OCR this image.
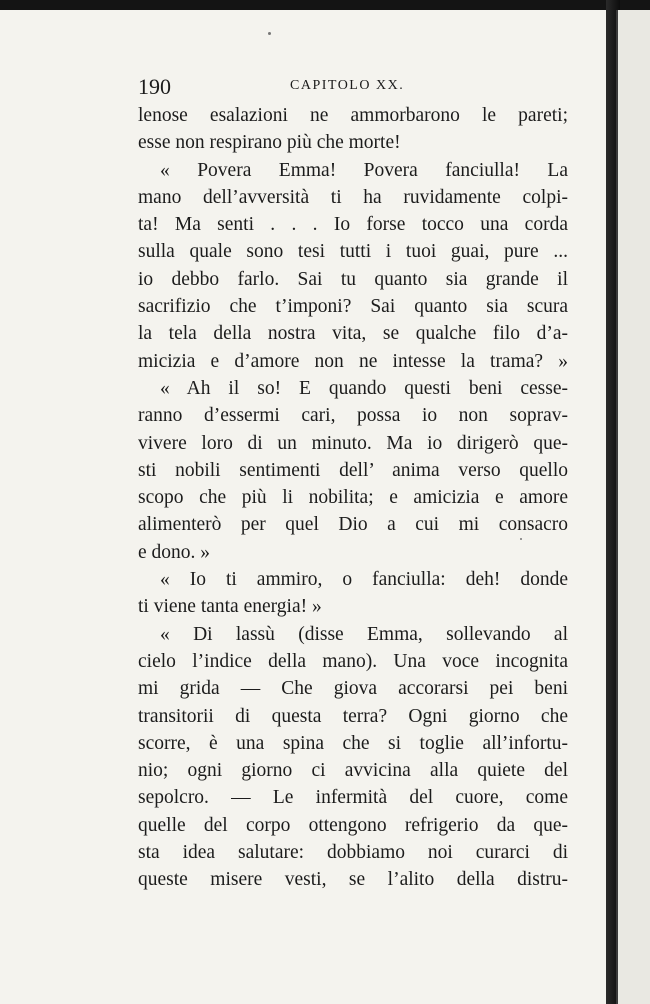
190	CAPITOLO XX.
lenose esalazioni ne ammorbarono le pareti;
esse non respirano più che morte!
« Povera Emma! Povera fanciulla! La
mano dell’avversità ti ha ruvidamente colpi-
ta! Ma senti . . . Io forse tocco una corda
sulla quale sono tesi tutti i tuoi guai, pure ...
io debbo farlo. Sai tu quanto sia grande il
sacrifizio che t’imponi? Sai quanto sia scura
la tela della nostra vita, se qualche filo d’a-
micizia e d’amore non ne intesse la trama? »
« Ah il so! E quando questi beni cesse-
ranno d’essermi cari, possa io non soprav-
vivere loro di un minuto. Ma io dirigerò que-
sti nobili sentimenti dell’ anima verso quello
scopo che più li nobilita; e amicizia e amore
alimenterò per quel Dio a cui mi consacro
e dono. »
« Io ti ammiro, o fanciulla: deh! donde
ti viene tanta energia! »
« Di lassù (disse Emma, sollevando al
cielo l’indice della mano). Una voce incognita
mi grida — Che giova accorarsi pei beni
transitorii di questa terra? Ogni giorno che
scorre, è una spina che si toglie all’infortu-
nio; ogni giorno ci avvicina alla quiete del
sepolcro. — Le infermità del cuore, come
quelle del corpo ottengono refrigerio da que-
sta idea salutare: dobbiamo noi curarci di
queste misere vesti, se l’alito della distru-
